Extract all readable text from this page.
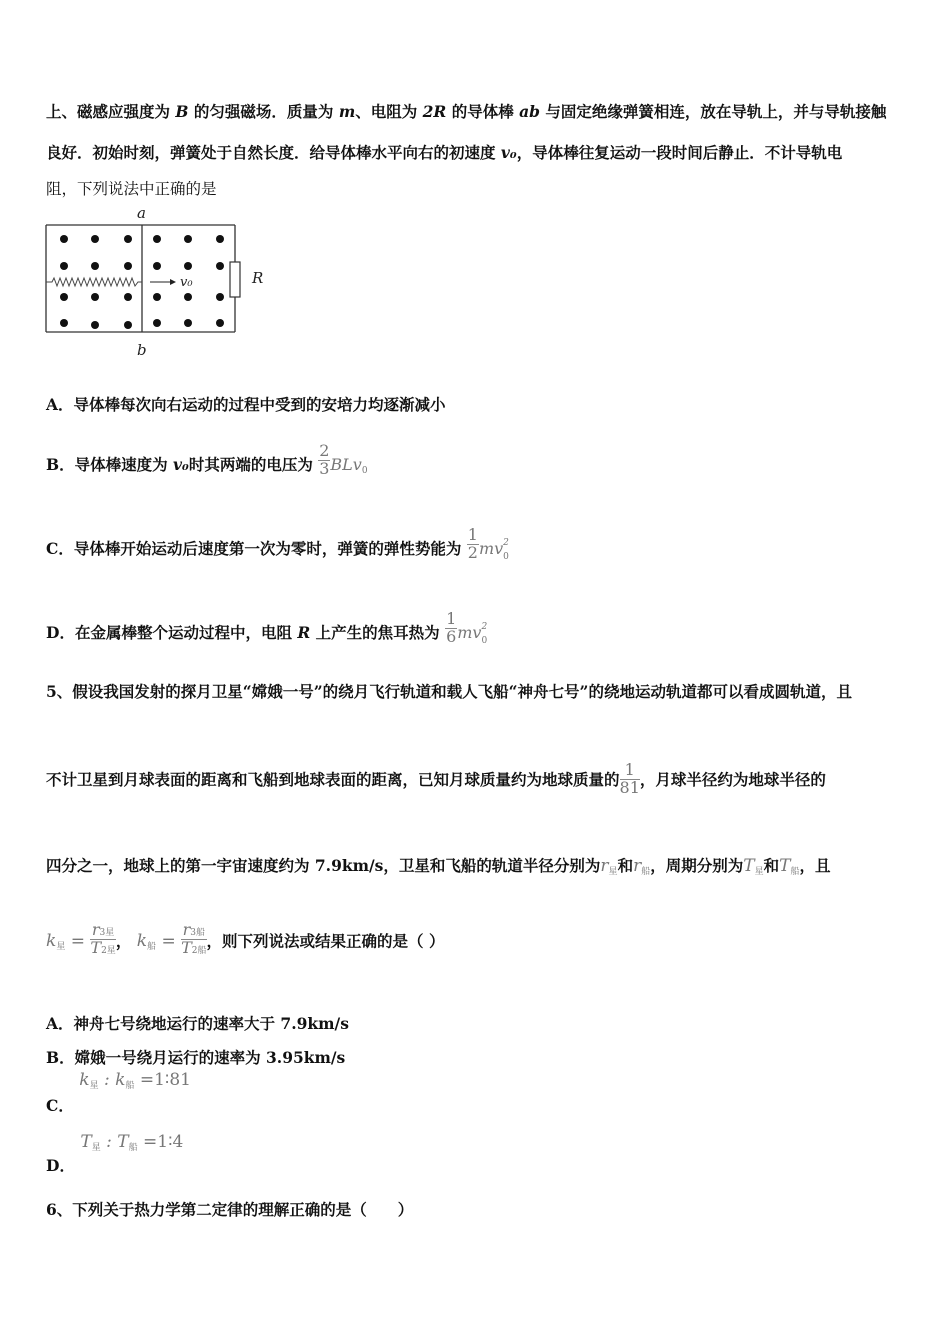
上、磁感应强度为 B 的匀强磁场．质量为 m、电阻为 2R 的导体棒 ab 与固定绝缘弹簧相连，放在导轨上，并与导轨接触
良好．初始时刻，弹簧处于自然长度．给导体棒水平向右的初速度 v₀，导体棒往复运动一段时间后静止．不计导轨电
阻，下列说法中正确的是
a
b
R
v₀
A．导体棒每次向右运动的过程中受到的安培力均逐渐减小
B．导体棒速度为 v₀时其两端的电压为 $\frac{2}{3} BLv_0$
C．导体棒开始运动后速度第一次为零时，弹簧的弹性势能为 $\frac{1}{2}$ mv 2
0
D．在金属棒整个运动过程中，电阻 R 上产生的焦耳热为 $\frac{1}{6}$ mv 2
0
5、假设我国发射的探月卫星“嫦娥一号”的绕月飞行轨道和载人飞船“神舟七号”的绕地运动轨道都可以看成圆轨道，且
不计卫星到月球表面的距离和飞船到地球表面的距离，已知月球质量约为地球质量的 $\frac{1}{81}$ ，月球半径约为地球半径的
四分之一，地球上的第一宇宙速度约为 7.9km/s，卫星和飞船的轨道半径分别为$r_星$和$r_船$，周期分别为$T_星$和$T_船$，且
$k_星 = \frac{\text{r3星}}{\text{T2星}}$ ， $k_船 = \frac{\text{r3船}}{\text{T2船}}$ ，则下列说法或结果正确的是（ ）
A．神舟七号绕地运行的速率大于 7.9km/s
B．嫦娥一号绕月运行的速率为 3.95km/s
C． $k_星$ : $k_船$ =1∶81
D． $T_星$ : $T_船$ =1∶4
6、下列关于热力学第二定律的理解正确的是（　　）
